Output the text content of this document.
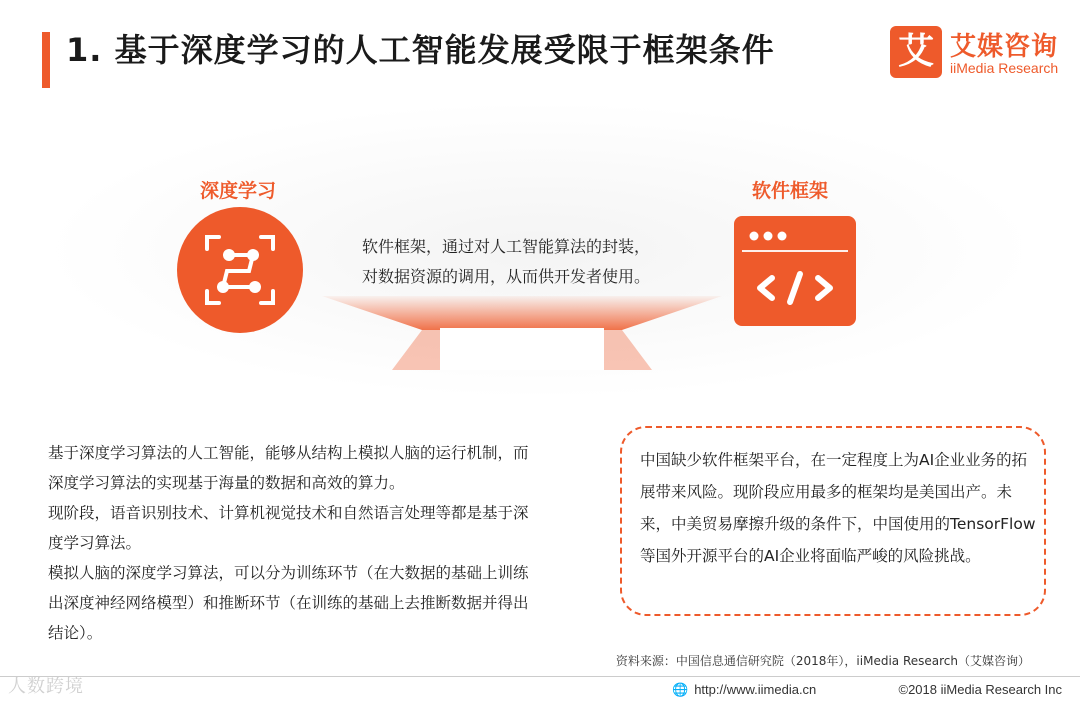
1. 基于深度学习的人工智能发展受限于框架条件	艾 艾媒咨询
iiMedia Research
深度学习	软件框架
软件框架，通过对人工智能算法的封装，
对数据资源的调用，从而供开发者使用。

基于深度学习算法的人工智能，能够从结构上模拟人脑的运行机制，而深度学习算法的实现基于海量的数据和高效的算力。

现阶段，语音识别技术、计算机视觉技术和自然语言处理等都是基于深度学习算法。

模拟人脑的深度学习算法，可以分为训练环节（在大数据的基础上训练出深度神经网络模型）和推断环节（在训练的基础上去推断数据并得出结论）。

中国缺少软件框架平台，在一定程度上为AI企业业务的拓展带来风险。现阶段应用最多的框架均是美国出产。未来，中美贸易摩擦升级的条件下，中国使用的TensorFlow等国外开源平台的AI企业将面临严峻的风险挑战。
资料来源：中国信息通信研究院（2018年），iiMedia Research（艾媒咨询）
人数跨境	🌐 http://www.iimedia.cn	©2018 iiMedia Research Inc
